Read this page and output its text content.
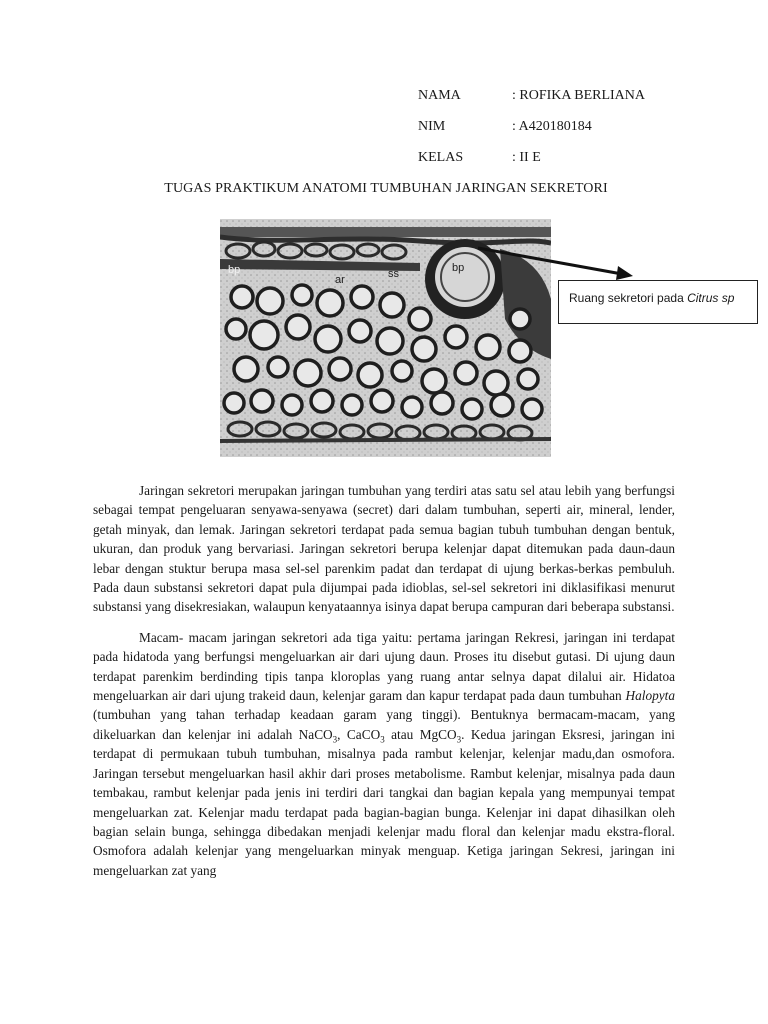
NAMA	: ROFIKA BERLIANA
NIM	: A420180184
KELAS	: II E
TUGAS PRAKTIKUM ANATOMI TUMBUHAN JARINGAN SEKRETORI
bp
ar	ss	bp
Ruang sekretori pada Citrus sp

Jaringan sekretori merupakan jaringan tumbuhan yang terdiri atas satu sel atau lebih yang berfungsi sebagai tempat pengeluaran senyawa-senyawa (secret) dari dalam tumbuhan, seperti air, mineral, lender, getah minyak, dan lemak. Jaringan sekretori terdapat pada semua bagian tubuh tumbuhan dengan bentuk, ukuran, dan produk yang bervariasi. Jaringan sekretori berupa kelenjar dapat ditemukan pada daun-daun lebar dengan stuktur berupa masa sel-sel parenkim padat dan terdapat di ujung berkas-berkas pembuluh. Pada daun substansi sekretori dapat pula dijumpai pada idioblas, sel-sel sekretori ini diklasifikasi menurut substansi yang disekresiakan, walaupun kenyataannya isinya dapat berupa campuran dari beberapa substansi.

Macam- macam jaringan sekretori ada tiga yaitu: pertama jaringan Rekresi, jaringan ini terdapat pada hidatoda yang berfungsi mengeluarkan air dari ujung daun. Proses itu disebut gutasi. Di ujung daun terdapat parenkim berdinding tipis tanpa kloroplas yang ruang antar selnya dapat dilalui air. Hidatoa mengeluarkan air dari ujung trakeid daun, kelenjar garam dan kapur terdapat pada daun tumbuhan Halopyta (tumbuhan yang tahan terhadap keadaan garam yang tinggi). Bentuknya bermacam-macam, yang dikeluarkan dan kelenjar ini adalah NaCO$_3$, CaCO$_3$ atau MgCO$_3$. Kedua jaringan Eksresi, jaringan ini terdapat di permukaan tubuh tumbuhan, misalnya pada rambut kelenjar, kelenjar madu,dan osmofora. Jaringan tersebut mengeluarkan hasil akhir dari proses metabolisme. Rambut kelenjar, misalnya pada daun tembakau, rambut kelenjar pada jenis ini terdiri dari tangkai dan bagian kepala yang mempunyai tempat mengeluarkan zat. Kelenjar madu terdapat pada bagian-bagian bunga. Kelenjar ini dapat dihasilkan oleh bagian selain bunga, sehingga dibedakan menjadi kelenjar madu floral dan kelenjar madu ekstra-floral. Osmofora adalah kelenjar yang mengeluarkan minyak menguap. Ketiga jaringan Sekresi, jaringan ini mengeluarkan zat yang
